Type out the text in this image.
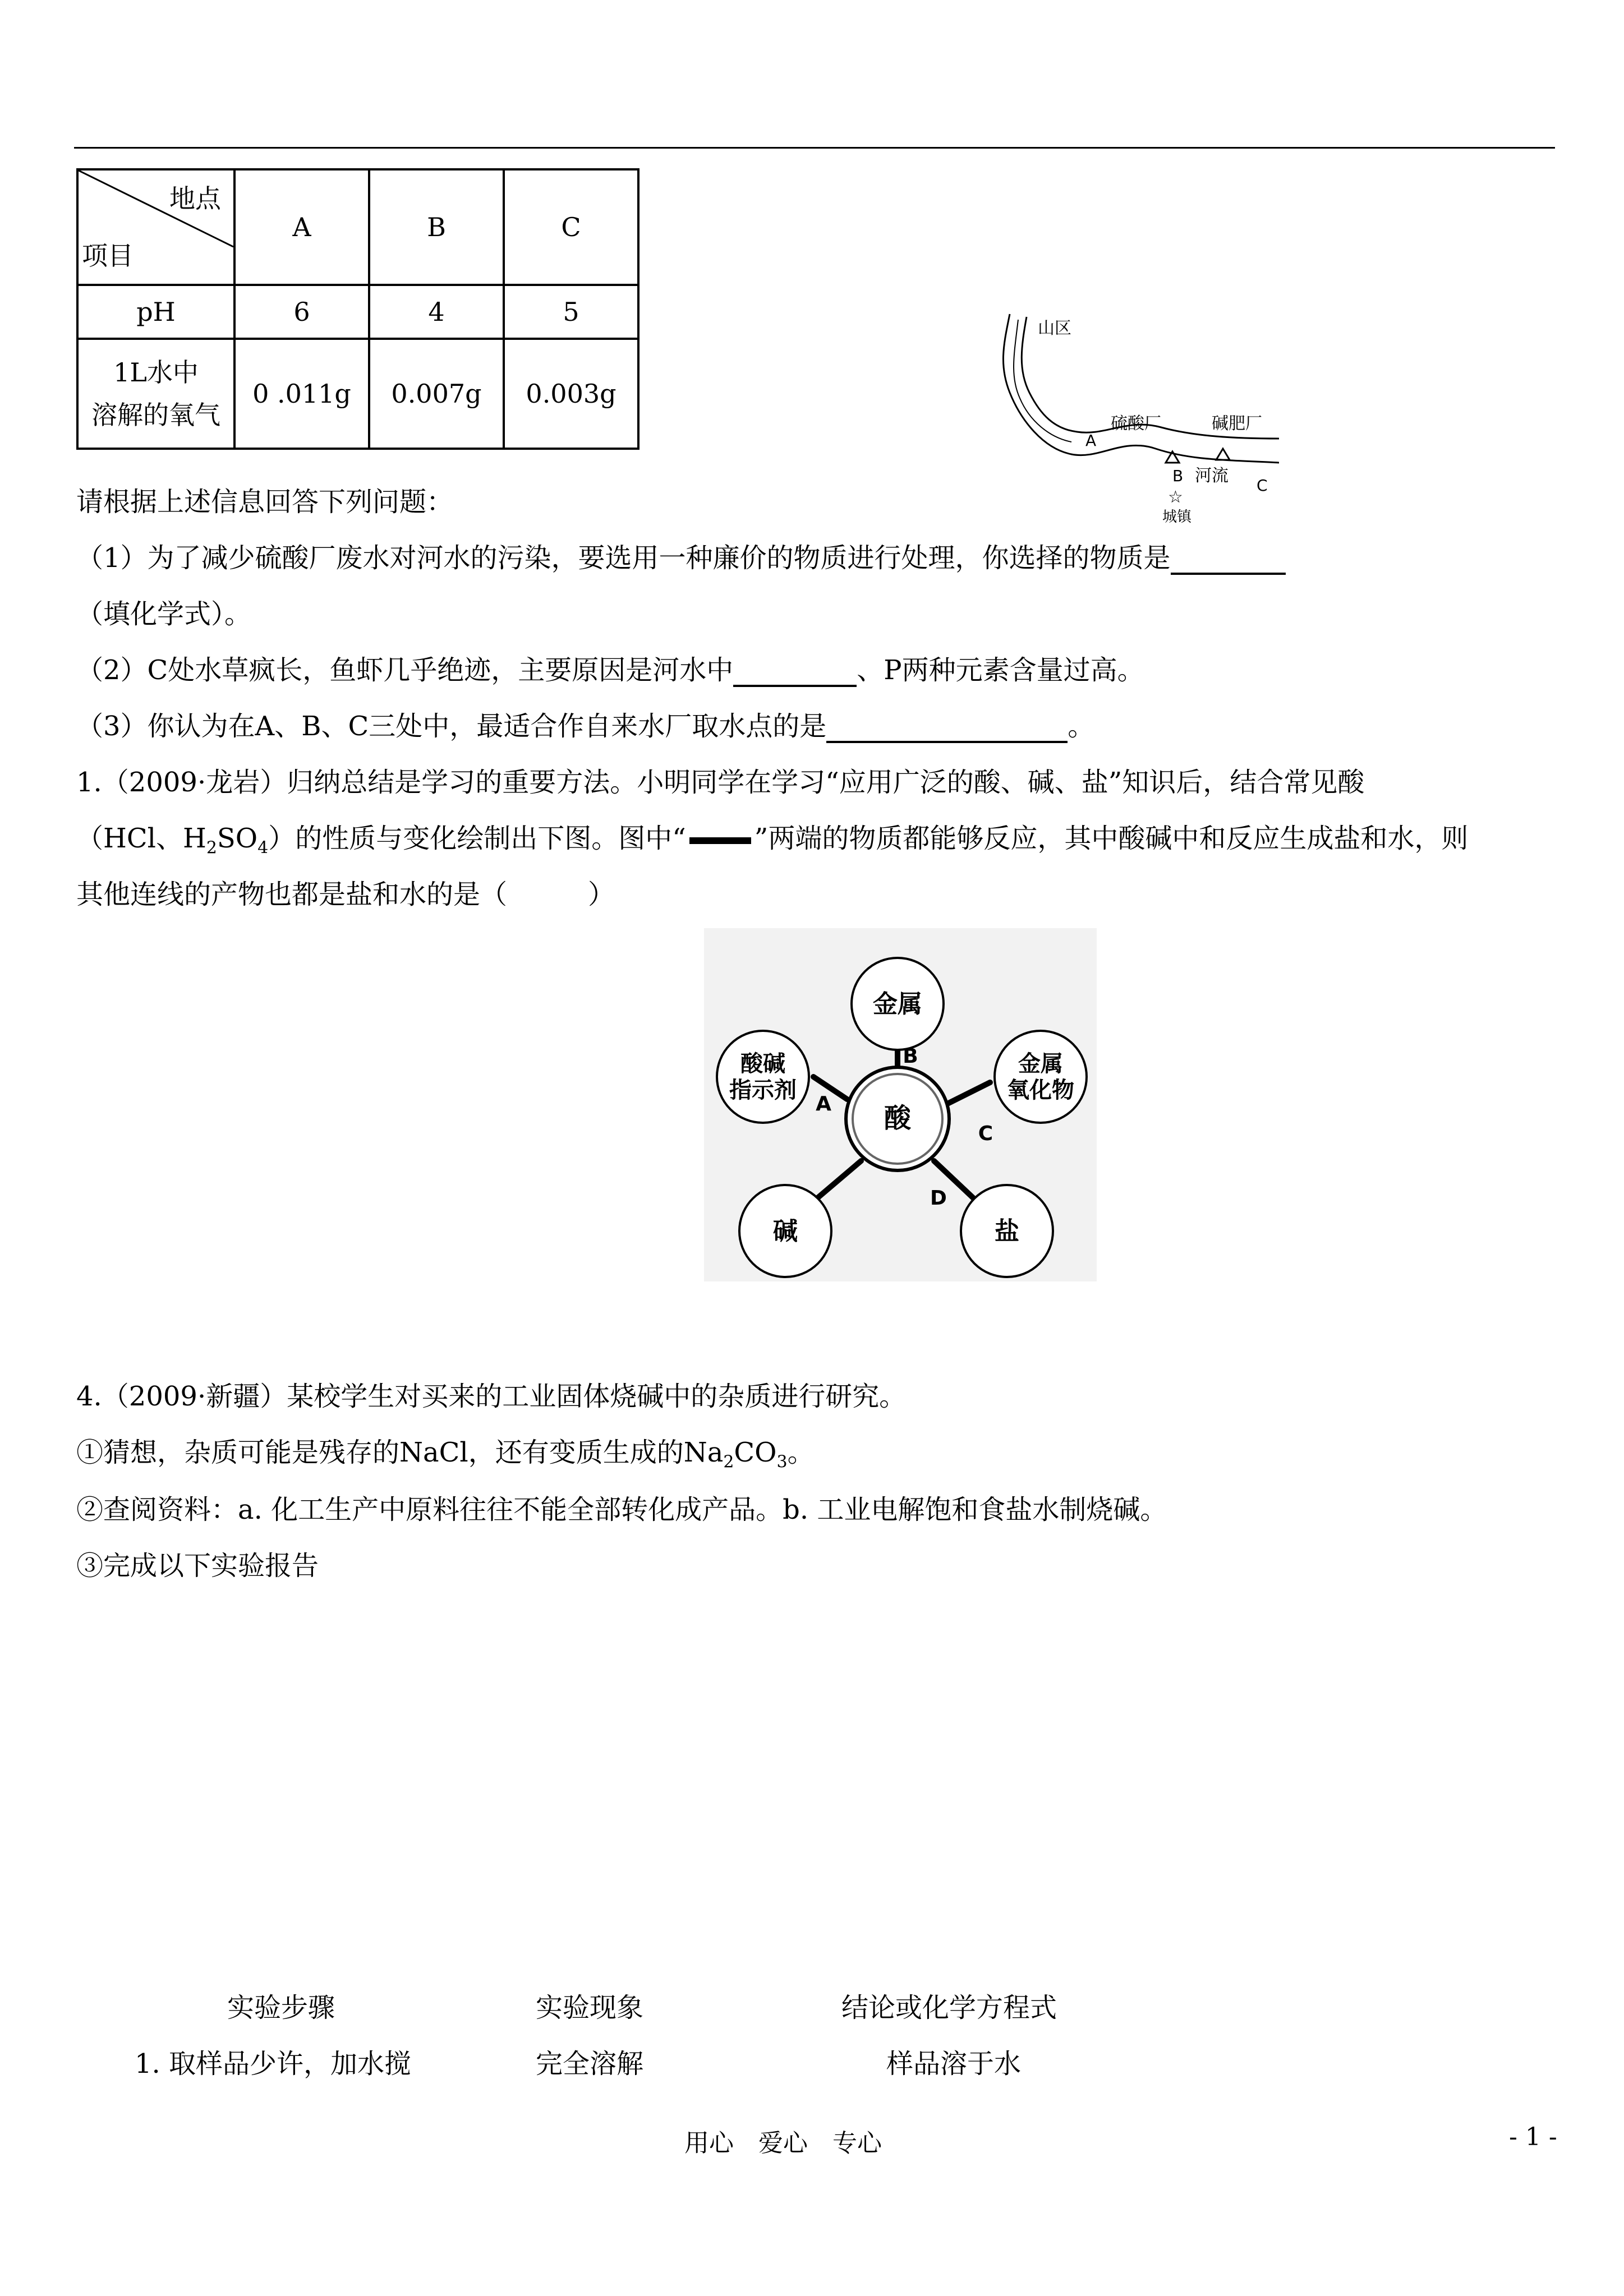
地点
项目	A	B	C
pH	6	4	5

1L水中
溶解的氧气	0 .011g	0.007g	0.003g
山区
硫酸厂	碱肥厂
A
B 河流 C
☆
城镇
请根据上述信息回答下列问题：
（1）为了减少硫酸厂废水对河水的污染，要选用一种廉价的物质进行处理，你选择的物质是
（填化学式）。
（2）C处水草疯长，鱼虾几乎绝迹，主要原因是河水中	、P两种元素含量过高。
（3）你认为在A、B、C三处中，最适合作自来水厂取水点的是	。
1.（2009·龙岩）归纳总结是学习的重要方法。小明同学在学习“应用广泛的酸、碱、盐”知识后，结合常见酸
（HCl、$H_2SO_4$）的性质与变化绘制出下图。图中“	”两端的物质都能够反应，其中酸碱中和反应生成盐和水，则
其他连线的产物也都是盐和水的是（　　　）
酸
金属
金属
氧化物
酸碱
指示剂
碱	盐
B
A
C
D
4.（2009·新疆）某校学生对买来的工业固体烧碱中的杂质进行研究。
①猜想，杂质可能是残存的NaCl，还有变质生成的$Na_2CO_3$。
②查阅资料：a. 化工生产中原料往往不能全部转化成产品。b. 工业电解饱和食盐水制烧碱。
③完成以下实验报告
实验步骤	实验现象	结论或化学方程式
1. 取样品少许，加水搅	完全溶解	样品溶于水
用心　爱心　专心	- 1 -
